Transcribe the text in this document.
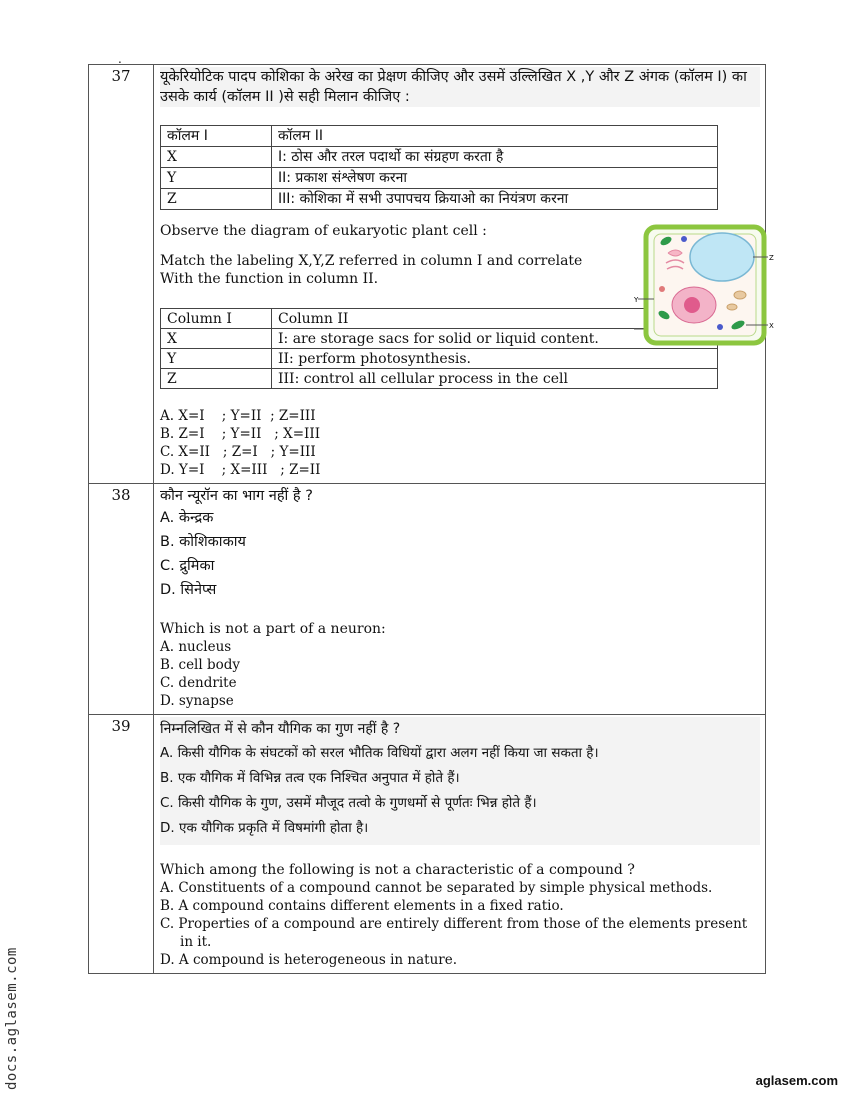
.
37	यूकेरियोटिक पादप कोशिका के अरेख का प्रेक्षण कीजिए और उसमें उल्लिखित X ,Y और Z अंगक (कॉलम I) का उसके कार्य (कॉलम II )से सही मिलान कीजिए :
कॉलम I	कॉलम II
X	I: ठोस और तरल पदार्थो का संग्रहण करता है
Y	II: प्रकाश संश्लेषण करना
Z	III: कोशिका में सभी उपापचय क्रियाओ का नियंत्रण करना
Observe the diagram of eukaryotic plant cell :
Match the labeling X,Y,Z referred in column I and correlate
With the function in column II.
Column I	Column II
X	I: are storage sacs for solid or liquid content.
Y	II: perform photosynthesis.
Z	III: control all cellular process in the cell
A. X=I    ; Y=II  ; Z=III
B. Z=I    ; Y=II   ; X=III
C. X=II   ; Z=I   ; Y=III
D. Y=I    ; X=III   ; Z=II
Z
Y
X

38	कौन न्यूरॉन का भाग नहीं है ?
A. केन्द्रक
B. कोशिकाकाय
C. द्रुमिका
D. सिनेप्स
Which is not a part of a neuron:
A. nucleus
B. cell body
C. dendrite
D. synapse

39	निम्नलिखित में से कौन यौगिक का गुण नहीं है ?
A. किसी यौगिक के संघटकों को सरल भौतिक विधियों द्वारा अलग नहीं किया जा सकता है।
B. एक यौगिक में विभिन्न तत्व एक निश्चित अनुपात में होते हैं।
C. किसी यौगिक के गुण, उसमें मौजूद तत्वो के गुणधर्मो से पूर्णतः भिन्न होते हैं।
D. एक यौगिक प्रकृति में विषमांगी होता है।
Which among the following is not a characteristic of a compound ?
A. Constituents of a compound cannot be separated by simple physical methods.
B. A compound contains different elements in a fixed ratio.
C. Properties of a compound are entirely different from those of the elements present in it.
D. A compound is heterogeneous in nature.
docs.aglasem.com	aglasem.com
